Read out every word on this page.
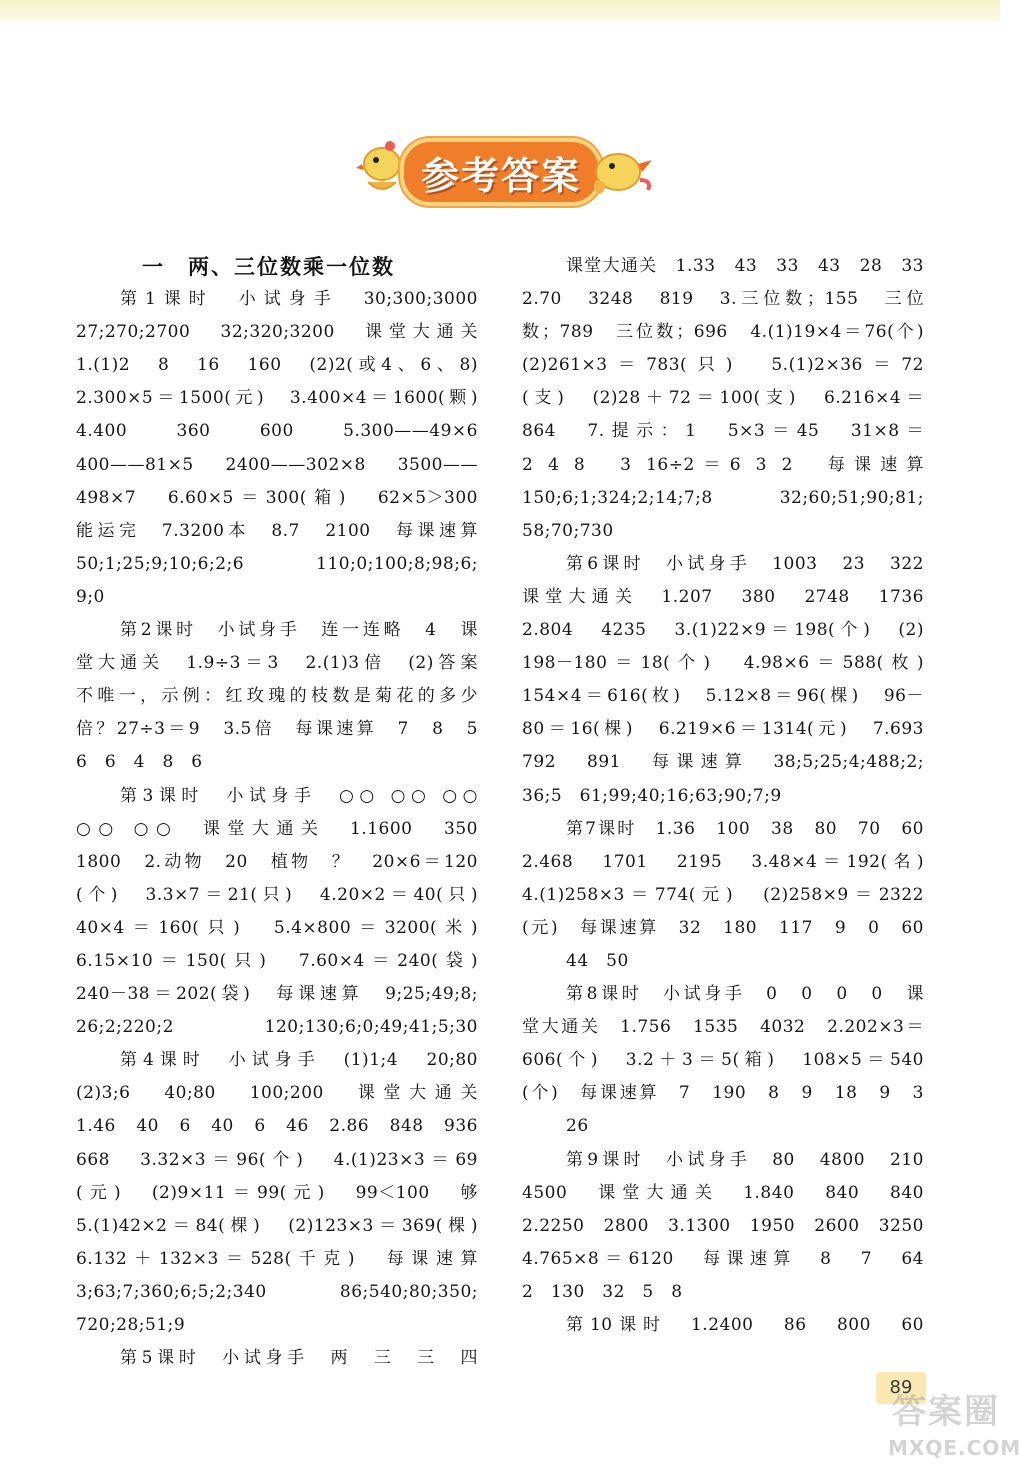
参考答案
一　两、三位数乘一位数
第1课时　小试身手　30;300;3000
27;270;2700　32;320;3200　课堂大通关
1.(1)2　8　16　160　(2)2(或4、6、8)
2.300×5＝1500(元)　3.400×4＝1600(颗)
4.400　360　600　5.300——49×6
400——81×5　2400——302×8　3500——
498×7　6.60×5＝300(箱)　62×5＞300
能运完　7.3200本　8.7　2100　每课速算
50;1;25;9;10;6;2;6　110;0;100;8;98;6;
9;0
第2课时　小试身手　连一连略　4　课
堂大通关　1.9÷3＝3　2.(1)3倍　(2)答案
不唯一，示例：红玫瑰的枝数是菊花的多少
倍？27÷3＝9　3.5倍　每课速算　7　8　5
6　6　4　8　6
第3课时　小试身手　○○ ○○ ○○
○○ ○○　课堂大通关　1.1600　350
1800　2.动物　20　植物　？　20×6＝120
(个)　3.3×7＝21(只)　4.20×2＝40(只)
40×4＝160(只)　5.4×800＝3200(米)
6.15×10＝150(只)　7.60×4＝240(袋)
240－38＝202(袋)　每课速算　9;25;49;8;
26;2;220;2　120;130;6;0;49;41;5;30
第4课时　小试身手　(1)1;4　20;80
(2)3;6　40;80　100;200　课堂大通关
1.46　40　6　40　6　46　2.86　848　936
668　3.32×3＝96(个)　4.(1)23×3＝69
(元)　(2)9×11＝99(元)　99＜100　够
5.(1)42×2＝84(棵)　(2)123×3＝369(棵)
6.132＋132×3＝528(千克)　每课速算
3;63;7;360;6;5;2;340　86;540;80;350;
720;28;51;9
第5课时　小试身手　两　三　三　四
课堂大通关　1.33　43　33　43　28　33
2.70　3248　819　3.三位数；155　三位
数；789　三位数；696　4.(1)19×4＝76(个)
(2)261×3＝783(只)　5.(1)2×36＝72
(支)　(2)28＋72＝100(支)　6.216×4＝
864　7.提示：1　5×3＝45　31×8＝
2 4 8　3 16÷2＝6 3 2　每课速算
150;6;1;324;2;14;7;8　32;60;51;90;81;
58;70;730
第6课时　小试身手　1003　23　322
课堂大通关　1.207　380　2748　1736
2.804　4235　3.(1)22×9＝198(个)　(2)
198－180＝18(个)　4.98×6＝588(枚)
154×4＝616(枚)　5.12×8＝96(棵)　96－
80＝16(棵)　6.219×6＝1314(元)　7.693
792　891　每课速算　38;5;25;4;488;2;
36;5　61;99;40;16;63;90;7;9
第7课时　1.36　100　38　80　70　60
2.468　1701　2195　3.48×4＝192(名)
4.(1)258×3＝774(元)　(2)258×9＝2322
(元)　每课速算　32　180　117　9　0　60
44　50
第8课时　小试身手　0　0　0　0　课
堂大通关　1.756　1535　4032　2.202×3＝
606(个)　3.2＋3＝5(箱)　108×5＝540
(个)　每课速算　7　190　8　9　18　9　3
26
第9课时　小试身手　80　4800　210
4500　课堂大通关　1.840　840　840
2.2250　2800　3.1300　1950　2600　3250
4.765×8＝6120　每课速算　8　7　64
2　130　32　5　8
第10课时　1.2400　86　800　60
89
答案圈
MXQE.COM
